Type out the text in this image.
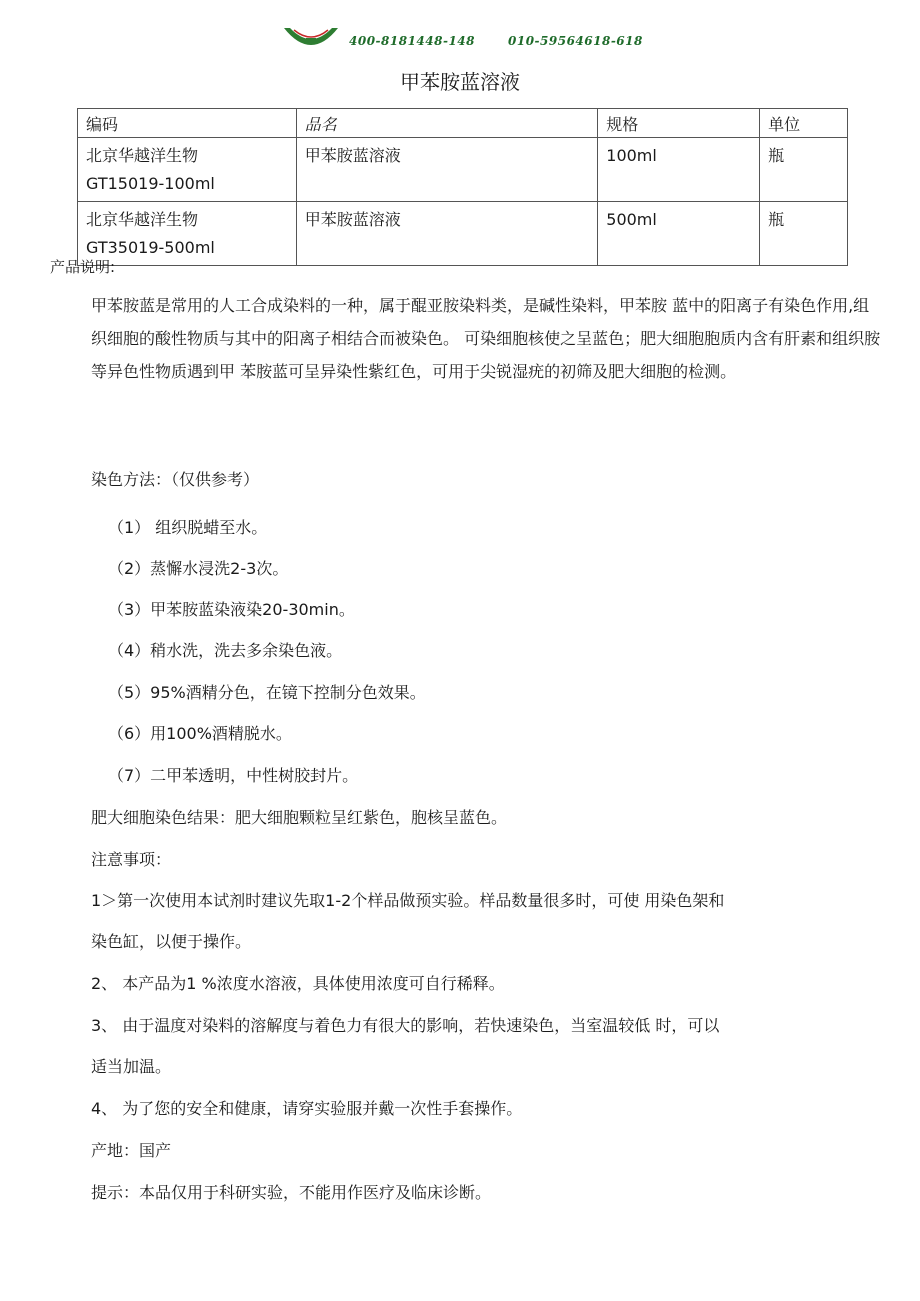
400-8181448-148	010-59564618-618
甲苯胺蓝溶液
编码	品名	规格	单位

北京华越洋生物
GT15019-100ml	甲苯胺蓝溶液	100ml	瓶

北京华越洋生物
GT35019-500ml	甲苯胺蓝溶液	500ml	瓶
产品说明:

甲苯胺蓝是常用的人工合成染料的一种，属于醌亚胺染料类，是碱性染料，甲苯胺 蓝中的阳离子有染色作用,组织细胞的酸性物质与其中的阳离子相结合而被染色。 可染细胞核使之呈蓝色；肥大细胞胞质内含有肝素和组织胺等异色性物质遇到甲 苯胺蓝可呈异染性紫红色，可用于尖锐湿疣的初筛及肥大细胞的检测。

染色方法：（仅供参考）
（1） 组织脱蜡至水。
（2）蒸懈水浸洗2-3次。
（3）甲苯胺蓝染液染20-30min。
（4）稍水洗，洗去多余染色液。
（5）95%酒精分色，在镜下控制分色效果。
（6）用100%酒精脱水。
（7）二甲苯透明，中性树胶封片。
肥大细胞染色结果：肥大细胞颗粒呈红紫色，胞核呈蓝色。
注意事项：
1＞第一次使用本试剂时建议先取1-2个样品做预实验。样品数量很多时，可使 用染色架和
染色缸，以便于操作。
2、 本产品为1 %浓度水溶液，具体使用浓度可自行稀释。
3、 由于温度对染料的溶解度与着色力有很大的影响，若快速染色，当室温较低 时，可以
适当加温。
4、 为了您的安全和健康，请穿实验服并戴一次性手套操作。
产地：国产
提示：本品仅用于科研实验，不能用作医疗及临床诊断。
